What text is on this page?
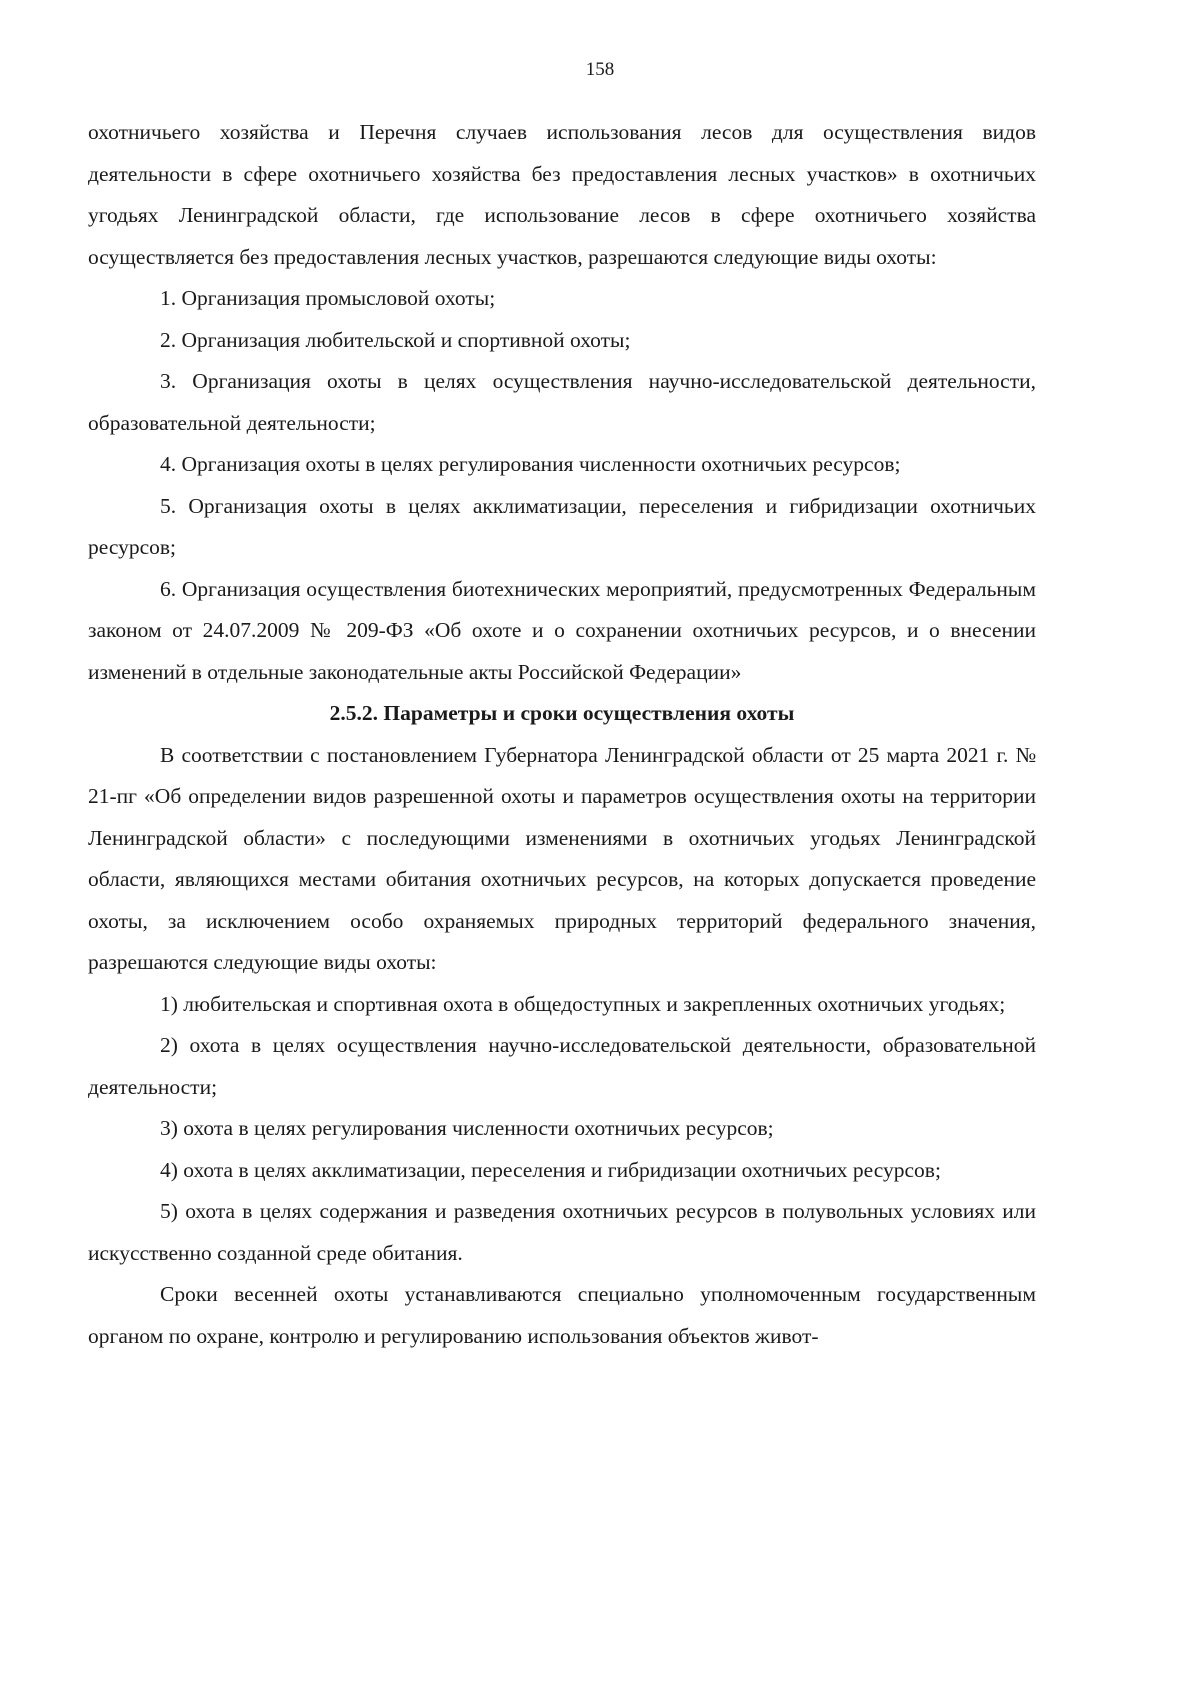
158

охотничьего хозяйства и Перечня случаев использования лесов для осуществления видов деятельности в сфере охотничьего хозяйства без предоставления лесных участков» в охотничьих угодьях Ленинградской области, где использование лесов в сфере охотничьего хозяйства осуществляется без предоставления лесных участков, разрешаются следующие виды охоты:

1. Организация промысловой охоты;

2. Организация любительской и спортивной охоты;

3. Организация охоты в целях осуществления научно-исследовательской деятельности, образовательной деятельности;

4. Организация охоты в целях регулирования численности охотничьих ресурсов;

5. Организация охоты в целях акклиматизации, переселения и гибридизации охотничьих ресурсов;

6. Организация осуществления биотехнических мероприятий, предусмотренных Федеральным законом от 24.07.2009 № 209-ФЗ «Об охоте и о сохранении охотничьих ресурсов, и о внесении изменений в отдельные законодательные акты Российской Федерации»

2.5.2. Параметры и сроки осуществления охоты

В соответствии с постановлением Губернатора Ленинградской области от 25 марта 2021 г. № 21-пг «Об определении видов разрешенной охоты и параметров осуществления охоты на территории Ленинградской области» с последующими изменениями в охотничьих угодьях Ленинградской области, являющихся местами обитания охотничьих ресурсов, на которых допускается проведение охоты, за исключением особо охраняемых природных территорий федерального значения, разрешаются следующие виды охоты:

1) любительская и спортивная охота в общедоступных и закрепленных охотничьих угодьях;

2) охота в целях осуществления научно-исследовательской деятельности, образовательной деятельности;

3) охота в целях регулирования численности охотничьих ресурсов;

4) охота в целях акклиматизации, переселения и гибридизации охотничьих ресурсов;

5) охота в целях содержания и разведения охотничьих ресурсов в полувольных условиях или искусственно созданной среде обитания.

Сроки весенней охоты устанавливаются специально уполномоченным государственным органом по охране, контролю и регулированию использования объектов живот-
